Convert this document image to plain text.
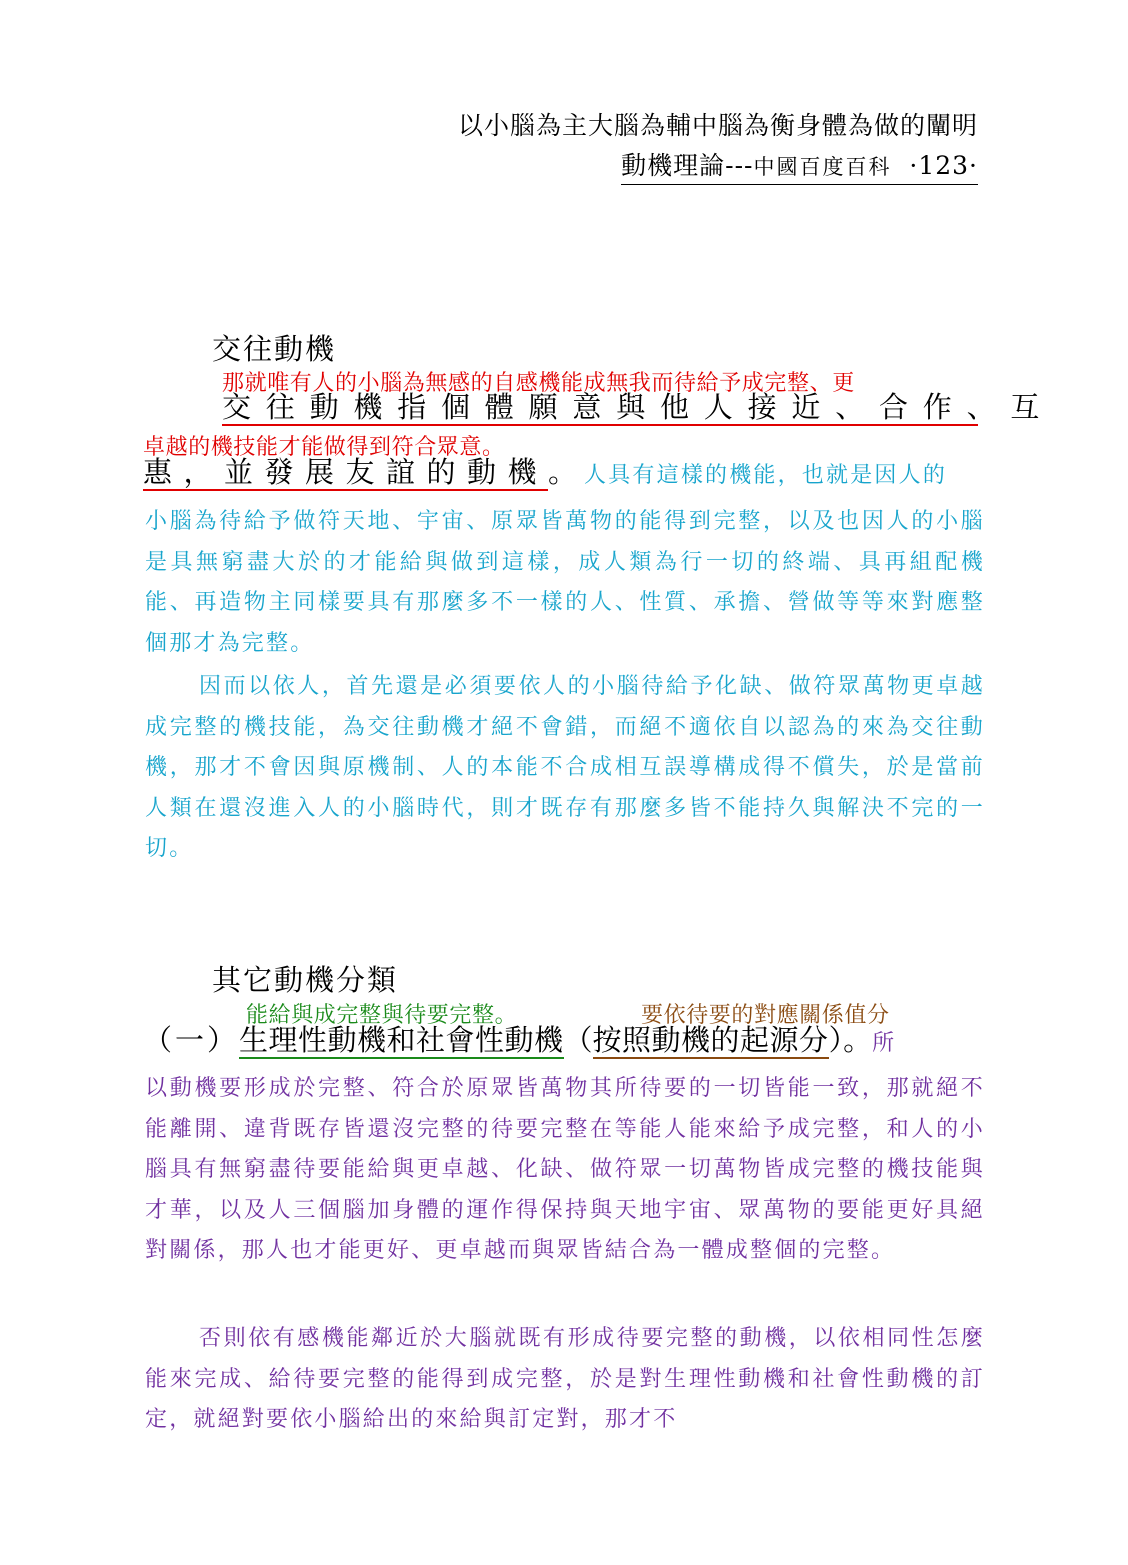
以小腦為主大腦為輔中腦為衡身體為做的闡明
動機理論---中國百度百科 ·123·
交往動機
那就唯有人的小腦為無感的自感機能成無我而待給予成完整、更
交往動機指個體願意與他人接近、合作、互
卓越的機技能才能做得到符合眾意。
惠，並發展友誼的動機。 人具有這樣的機能，也就是因人的

小腦為待給予做符天地、宇宙、原眾皆萬物的能得到完整，以及也因人的小腦是具無窮盡大於的才能給與做到這樣，成人類為行一切的終端、具再組配機能、再造物主同樣要具有那麼多不一樣的人、性質、承擔、營做等等來對應整個那才為完整。

因而以依人，首先還是必須要依人的小腦待給予化缺、做符眾萬物更卓越成完整的機技能，為交往動機才絕不會錯，而絕不適依自以認為的來為交往動機，那才不會因與原機制、人的本能不合成相互誤導構成得不償失，於是當前人類在還沒進入人的小腦時代，則才既存有那麼多皆不能持久與解決不完的一切。

其它動機分類
能給與成完整與待要完整。	要依待要的對應關係值分
（一）生理性動機和社會性動機（按照動機的起源分）。所

以動機要形成於完整、符合於原眾皆萬物其所待要的一切皆能一致，那就絕不能離開、違背既存皆還沒完整的待要完整在等能人能來給予成完整，和人的小腦具有無窮盡待要能給與更卓越、化缺、做符眾一切萬物皆成完整的機技能與才華，以及人三個腦加身體的運作得保持與天地宇宙、眾萬物的要能更好具絕對關係，那人也才能更好、更卓越而與眾皆結合為一體成整個的完整。

否則依有感機能鄰近於大腦就既有形成待要完整的動機，以依相同性怎麼能來完成、給待要完整的能得到成完整，於是對生理性動機和社會性動機的訂定，就絕對要依小腦給出的來給與訂定對，那才不
